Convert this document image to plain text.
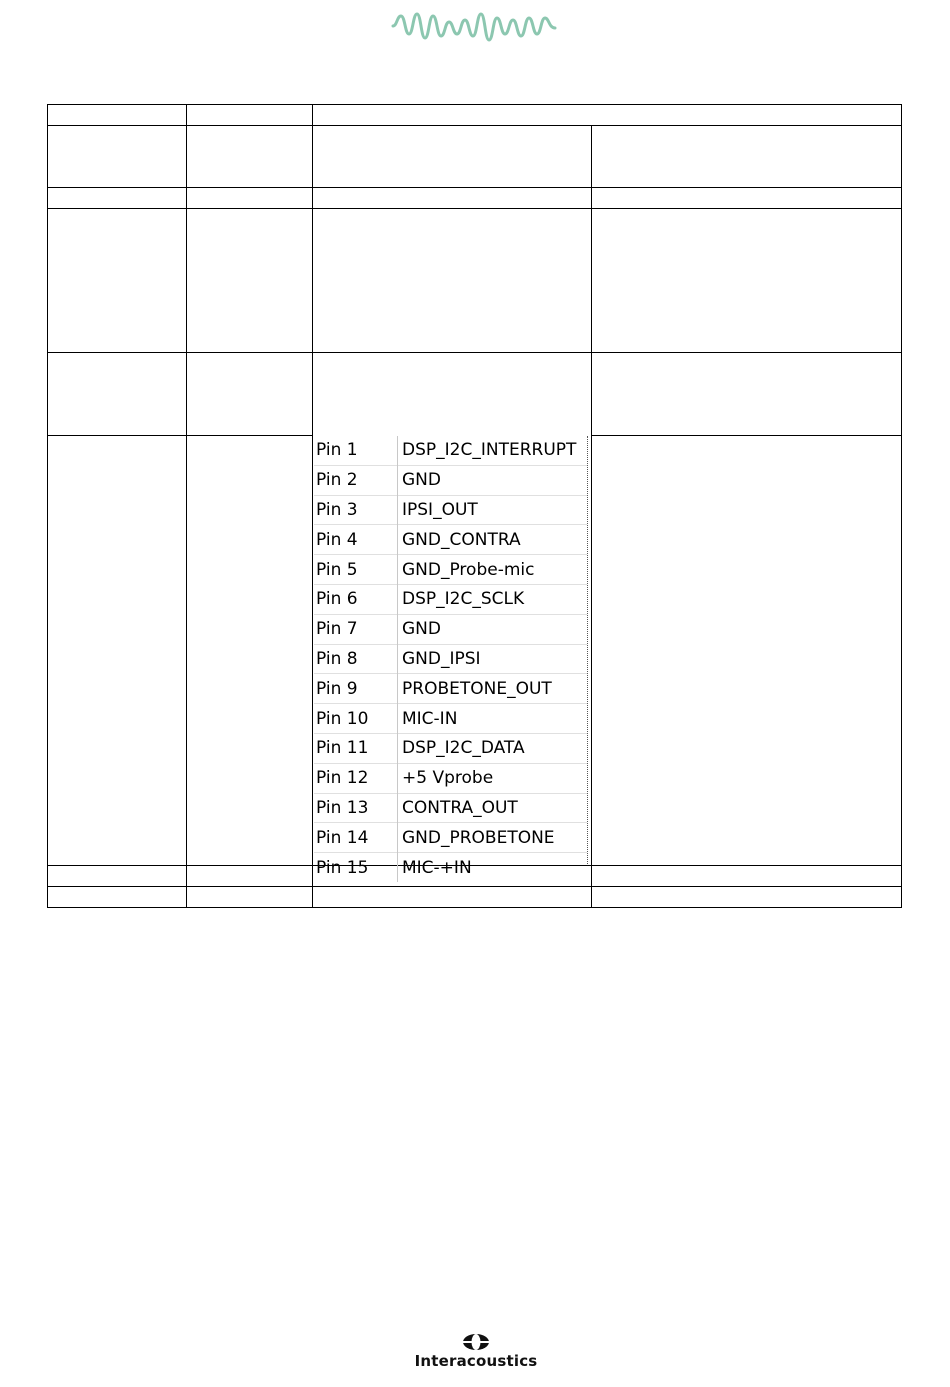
Pin 1	DSP_I2C_INTERRUPT
Pin 2	GND
Pin 3	IPSI_OUT
Pin 4	GND_CONTRA
Pin 5	GND_Probe-mic
Pin 6	DSP_I2C_SCLK
Pin 7	GND
Pin 8	GND_IPSI
Pin 9	PROBETONE_OUT
Pin 10	MIC-IN
Pin 11	DSP_I2C_DATA
Pin 12	+5 Vprobe
Pin 13	CONTRA_OUT
Pin 14	GND_PROBETONE
Pin 15	MIC-+IN
Interacoustics
